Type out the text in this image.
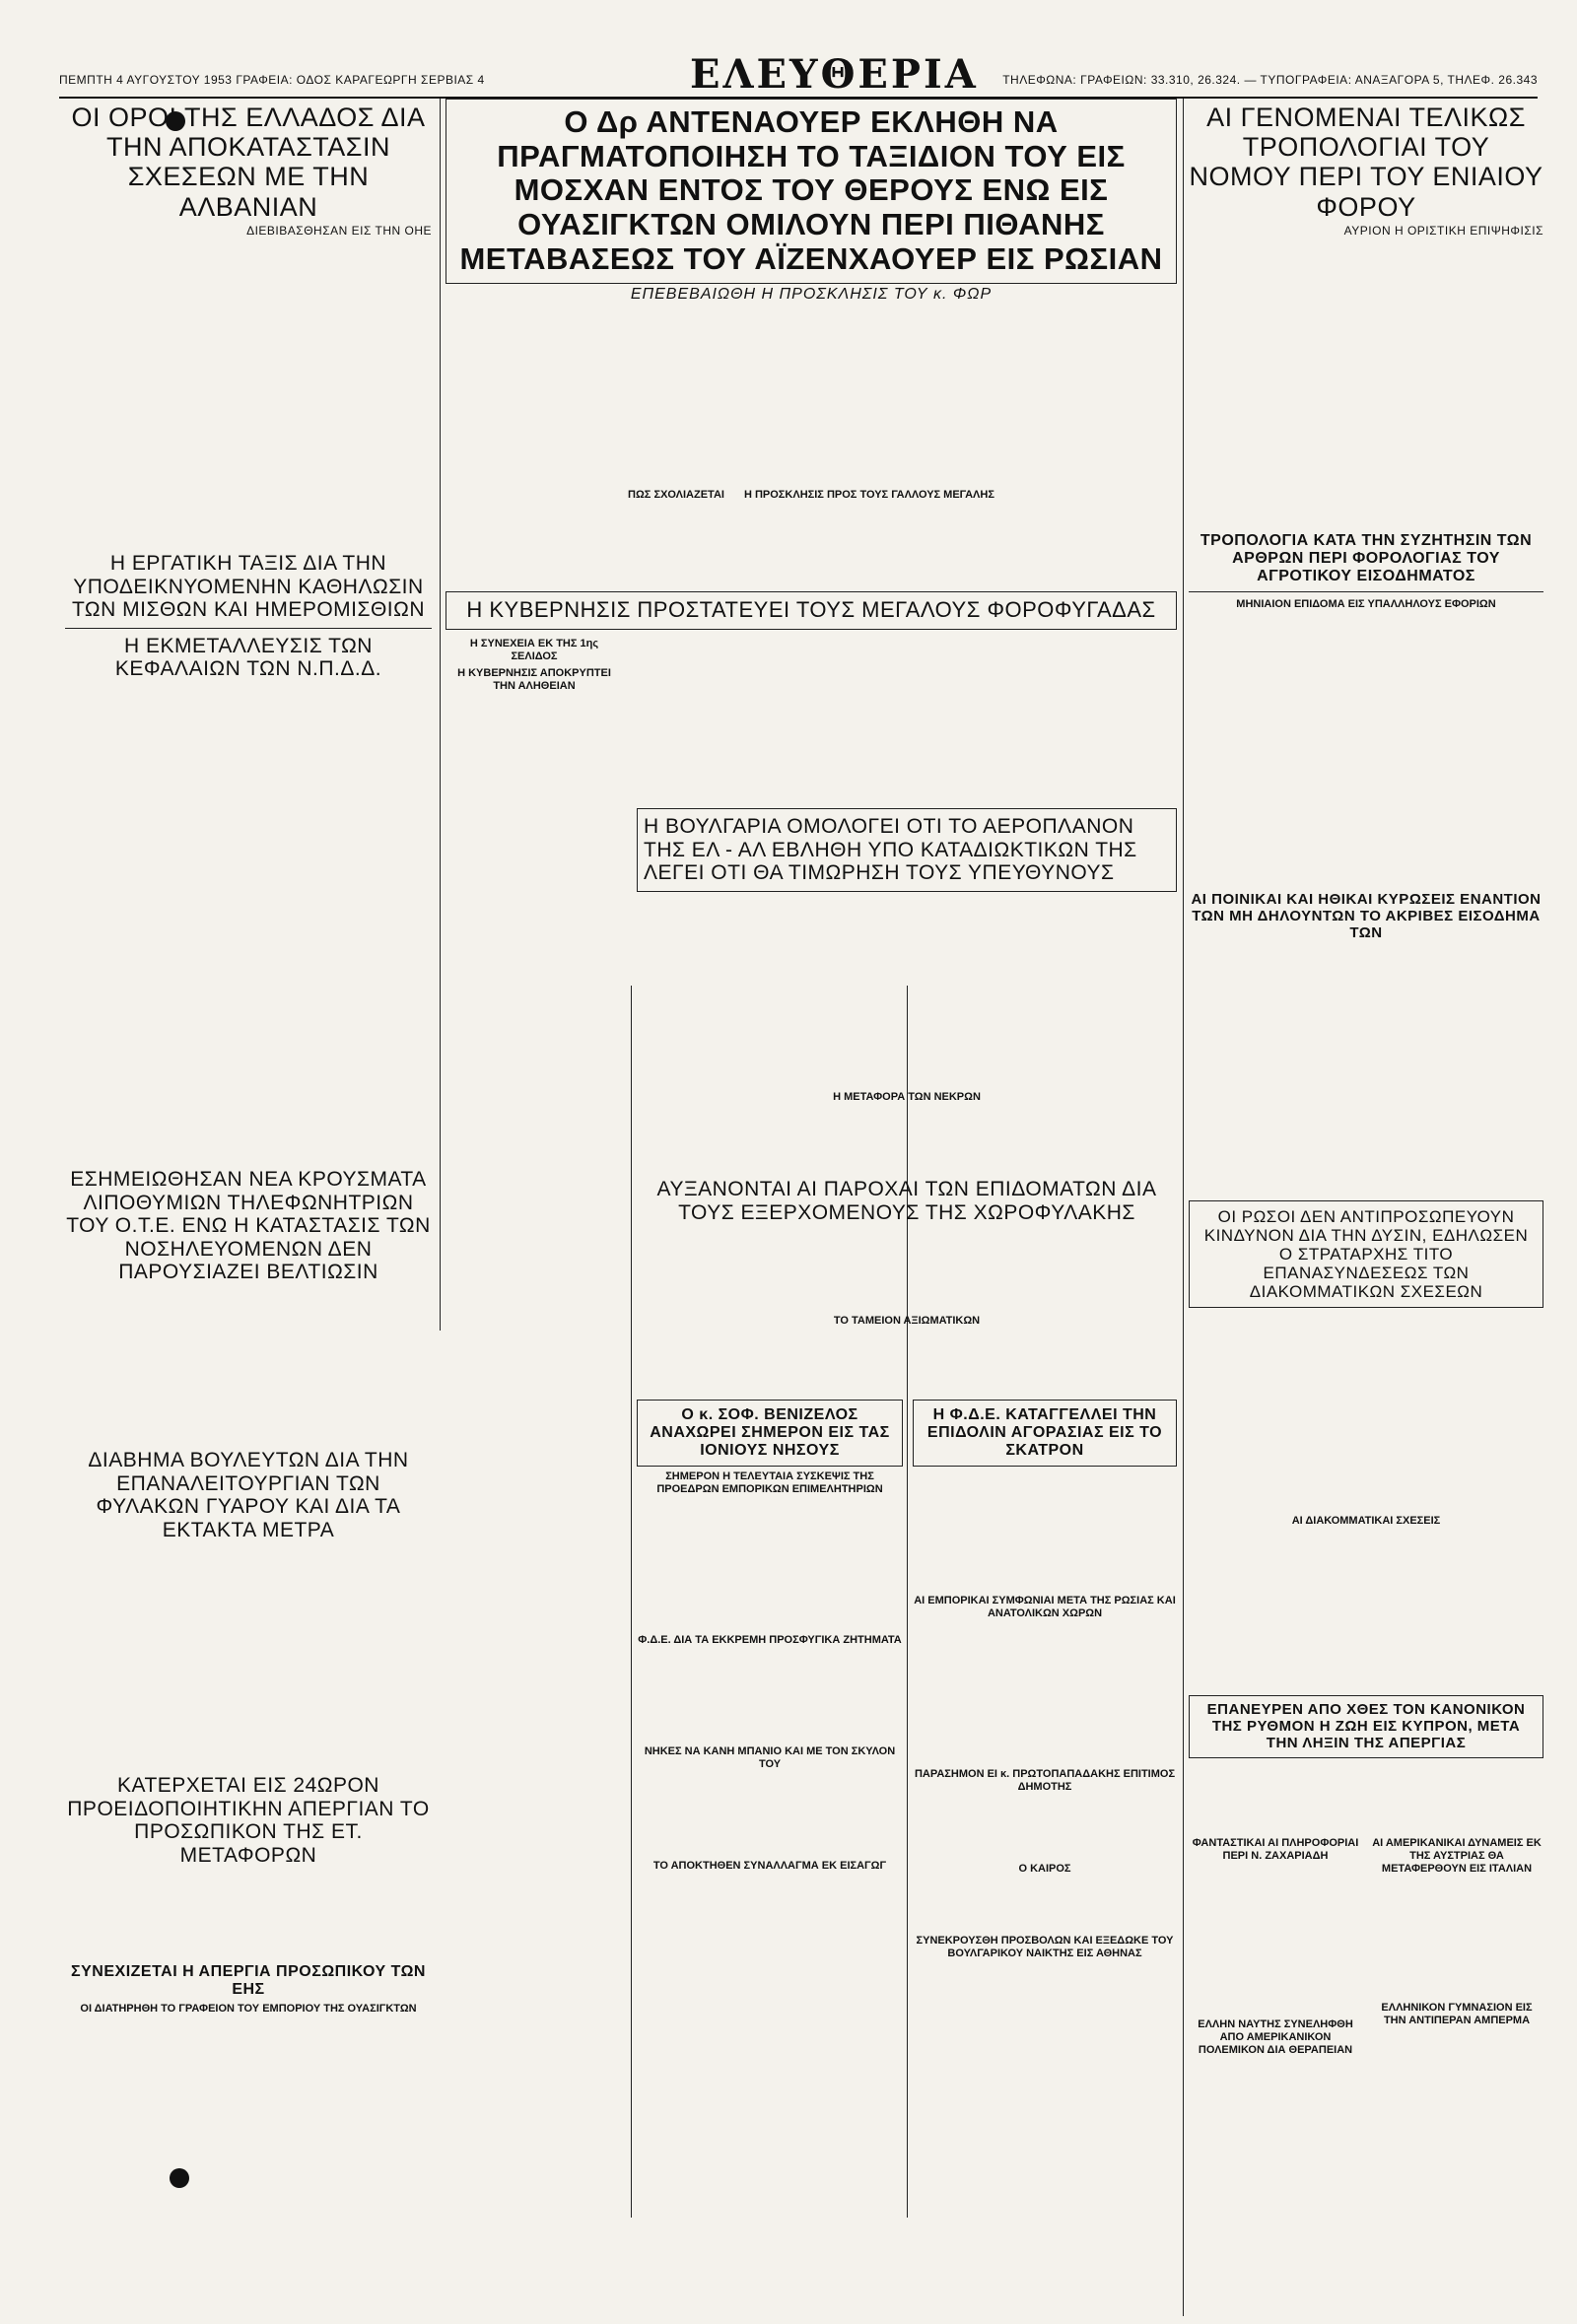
ΠΕΜΠΤΗ 4 ΑΥΓΟΥΣΤΟΥ 1953 ΓΡΑΦΕΙΑ: ΟΔΟΣ ΚΑΡΑΓΕΩΡΓΗ ΣΕΡΒΙΑΣ 4	ΕΛΕΥΘΕΡΙΑ ΤΗΛΕΦΩΝΑ: ΓΡΑΦΕΙΩΝ: 33.310, 26.324. — ΤΥΠΟΓΡΑΦΕΙΑ: ΑΝΑΞΑΓΟΡΑ 5, ΤΗΛΕΦ. 26.343
ΟΙ ΟΡΟΙ ΤΗΣ ΕΛΛΑΔΟΣ ΔΙΑ ΤΗΝ ΑΠΟΚΑΤΑΣΤΑΣΙΝ ΣΧΕΣΕΩΝ ΜΕ ΤΗΝ ΑΛΒΑΝΙΑΝ
ΔΙΕΒΙΒΑΣΘΗΣΑΝ ΕΙΣ ΤΗΝ ΟΗΕ
Η ΕΡΓΑΤΙΚΗ ΤΑΞΙΣ ΔΙΑ ΤΗΝ ΥΠΟΔΕΙΚΝΥΟΜΕΝΗΝ ΚΑΘΗΛΩΣΙΝ ΤΩΝ ΜΙΣΘΩΝ ΚΑΙ ΗΜΕΡΟΜΙΣΘΙΩΝ
Η ΕΚΜΕΤΑΛΛΕΥΣΙΣ ΤΩΝ ΚΕΦΑΛΑΙΩΝ ΤΩΝ Ν.Π.Δ.Δ.
ΕΣΗΜΕΙΩΘΗΣΑΝ ΝΕΑ ΚΡΟΥΣΜΑΤΑ ΛΙΠΟΘΥΜΙΩΝ ΤΗΛΕΦΩΝΗΤΡΙΩΝ ΤΟΥ Ο.Τ.Ε. ΕΝΩ Η ΚΑΤΑΣΤΑΣΙΣ ΤΩΝ ΝΟΣΗΛΕΥΟΜΕΝΩΝ ΔΕΝ ΠΑΡΟΥΣΙΑΖΕΙ ΒΕΛΤΙΩΣΙΝ
ΔΙΑΒΗΜΑ ΒΟΥΛΕΥΤΩΝ ΔΙΑ ΤΗΝ ΕΠΑΝΑΛΕΙΤΟΥΡΓΙΑΝ ΤΩΝ ΦΥΛΑΚΩΝ ΓΥΑΡΟΥ ΚΑΙ ΔΙΑ ΤΑ ΕΚΤΑΚΤΑ ΜΕΤΡΑ
ΚΑΤΕΡΧΕΤΑΙ ΕΙΣ 24ΩΡΟΝ ΠΡΟΕΙΔΟΠΟΙΗΤΙΚΗΝ ΑΠΕΡΓΙΑΝ ΤΟ ΠΡΟΣΩΠΙΚΟΝ ΤΗΣ ΕΤ. ΜΕΤΑΦΟΡΩΝ
ΣΥΝΕΧΙΖΕΤΑΙ Η ΑΠΕΡΓΙΑ ΠΡΟΣΩΠΙΚΟΥ ΤΩΝ ΕΗΣ
ΟΙ ΔΙΑΤΗΡΗΘΗ ΤΟ ΓΡΑΦΕΙΟΝ ΤΟΥ ΕΜΠΟΡΙΟΥ ΤΗΣ ΟΥΑΣΙΓΚΤΩΝ
Ο Δρ ΑΝΤΕΝΑΟΥΕΡ ΕΚΛΗΘΗ ΝΑ ΠΡΑΓΜΑΤΟΠΟΙΗΣΗ ΤΟ ΤΑΞΙΔΙΟΝ ΤΟΥ ΕΙΣ ΜΟΣΧΑΝ ΕΝΤΟΣ ΤΟΥ ΘΕΡΟΥΣ ΕΝΩ ΕΙΣ ΟΥΑΣΙΓΚΤΩΝ ΟΜΙΛΟΥΝ ΠΕΡΙ ΠΙΘΑΝΗΣ ΜΕΤΑΒΑΣΕΩΣ ΤΟΥ ΑΪΖΕΝΧΑΟΥΕΡ ΕΙΣ ΡΩΣΙΑΝ
ΕΠΕΒΕΒΑΙΩΘΗ Η ΠΡΟΣΚΛΗΣΙΣ ΤΟΥ κ. ΦΩΡ
ΠΩΣ ΣΧΟΛΙΑΖΕΤΑΙ Η ΠΡΟΣΚΛΗΣΙΣ ΠΡΟΣ ΤΟΥΣ ΓΑΛΛΟΥΣ ΜΕΓΑΛΗΣ
Η ΚΥΒΕΡΝΗΣΙΣ ΠΡΟΣΤΑΤΕΥΕΙ ΤΟΥΣ ΜΕΓΑΛΟΥΣ ΦΟΡΟΦΥΓΑΔΑΣ
Η ΣΥΝΕΧΕΙΑ ΕΚ ΤΗΣ 1ης ΣΕΛΙΔΟΣ
Η ΚΥΒΕΡΝΗΣΙΣ ΑΠΟΚΡΥΠΤΕΙ ΤΗΝ ΑΛΗΘΕΙΑΝ
Η ΒΟΥΛΓΑΡΙΑ ΟΜΟΛΟΓΕΙ ΟΤΙ ΤΟ ΑΕΡΟΠΛΑΝΟΝ ΤΗΣ ΕΛ - ΑΛ ΕΒΛΗΘΗ ΥΠΟ ΚΑΤΑΔΙΩΚΤΙΚΩΝ ΤΗΣ ΛΕΓΕΙ ΟΤΙ ΘΑ ΤΙΜΩΡΗΣΗ ΤΟΥΣ ΥΠΕΥΘΥΝΟΥΣ
Η ΜΕΤΑΦΟΡΑ ΤΩΝ ΝΕΚΡΩΝ
ΑΥΞΑΝΟΝΤΑΙ ΑΙ ΠΑΡΟΧΑΙ ΤΩΝ ΕΠΙΔΟΜΑΤΩΝ ΔΙΑ ΤΟΥΣ ΕΞΕΡΧΟΜΕΝΟΥΣ ΤΗΣ ΧΩΡΟΦΥΛΑΚΗΣ
ΤΟ ΤΑΜΕΙΟΝ ΑΞΙΩΜΑΤΙΚΩΝ
Ο κ. ΣΟΦ. ΒΕΝΙΖΕΛΟΣ ΑΝΑΧΩΡΕΙ ΣΗΜΕΡΟΝ ΕΙΣ ΤΑΣ ΙΟΝΙΟΥΣ ΝΗΣΟΥΣ
ΣΗΜΕΡΟΝ Η ΤΕΛΕΥΤΑΙΑ ΣΥΣΚΕΨΙΣ ΤΗΣ ΠΡΟΕΔΡΩΝ ΕΜΠΟΡΙΚΩΝ ΕΠΙΜΕΛΗΤΗΡΙΩΝ
Φ.Δ.Ε. ΔΙΑ ΤΑ ΕΚΚΡΕΜΗ ΠΡΟΣΦΥΓΙΚΑ ΖΗΤΗΜΑΤΑ
ΝΗΚΕΣ ΝΑ ΚΑΝΗ ΜΠΑΝΙΟ ΚΑΙ ΜΕ ΤΟΝ ΣΚΥΛΟΝ ΤΟΥ
ΤΟ ΑΠΟΚΤΗΘΕΝ ΣΥΝΑΛΛΑΓΜΑ ΕΚ ΕΙΣΑΓΩΓ
Η Φ.Δ.Ε. ΚΑΤΑΓΓΕΛΛΕΙ ΤΗΝ ΕΠΙΔΟΛΙΝ ΑΓΟΡΑΣΙΑΣ ΕΙΣ ΤΟ ΣΚΑΤΡΟΝ
ΑΙ ΕΜΠΟΡΙΚΑΙ ΣΥΜΦΩΝΙΑΙ ΜΕΤΑ ΤΗΣ ΡΩΣΙΑΣ ΚΑΙ ΑΝΑΤΟΛΙΚΩΝ ΧΩΡΩΝ
ΠΑΡΑΣΗΜΟΝ ΕΙ κ. ΠΡΩΤΟΠΑΠΑΔΑΚΗΣ ΕΠΙΤΙΜΟΣ ΔΗΜΟΤΗΣ
Ο ΚΑΙΡΟΣ
ΣΥΝΕΚΡΟΥΣΘΗ ΠΡΟΣΒΟΛΩΝ ΚΑΙ ΕΞΕΔΩΚΕ ΤΟΥ ΒΟΥΛΓΑΡΙΚΟΥ ΝΑΙΚΤΗΣ ΕΙΣ ΑΘΗΝΑΣ
ΑΙ ΓΕΝΟΜΕΝΑΙ ΤΕΛΙΚΩΣ ΤΡΟΠΟΛΟΓΙΑΙ ΤΟΥ ΝΟΜΟΥ ΠΕΡΙ ΤΟΥ ΕΝΙΑΙΟΥ ΦΟΡΟΥ
ΑΥΡΙΟΝ Η ΟΡΙΣΤΙΚΗ ΕΠΙΨΗΦΙΣΙΣ
ΤΡΟΠΟΛΟΓΙΑ ΚΑΤΑ ΤΗΝ ΣΥΖΗΤΗΣΙΝ ΤΩΝ ΑΡΘΡΩΝ ΠΕΡΙ ΦΟΡΟΛΟΓΙΑΣ ΤΟΥ ΑΓΡΟΤΙΚΟΥ ΕΙΣΟΔΗΜΑΤΟΣ
ΜΗΝΙΑΙΟΝ ΕΠΙΔΟΜΑ ΕΙΣ ΥΠΑΛΛΗΛΟΥΣ ΕΦΟΡΙΩΝ
ΑΙ ΠΟΙΝΙΚΑΙ ΚΑΙ ΗΘΙΚΑΙ ΚΥΡΩΣΕΙΣ ΕΝΑΝΤΙΟΝ ΤΩΝ ΜΗ ΔΗΛΟΥΝΤΩΝ ΤΟ ΑΚΡΙΒΕΣ ΕΙΣΟΔΗΜΑ ΤΩΝ
ΟΙ ΡΩΣΟΙ ΔΕΝ ΑΝΤΙΠΡΟΣΩΠΕΥΟΥΝ ΚΙΝΔΥΝΟΝ ΔΙΑ ΤΗΝ ΔΥΣΙΝ, ΕΔΗΛΩΣΕΝ Ο ΣΤΡΑΤΑΡΧΗΣ ΤΙΤΟ ΕΠΑΝΑΣΥΝΔΕΣΕΩΣ ΤΩΝ ΔΙΑΚΟΜΜΑΤΙΚΩΝ ΣΧΕΣΕΩΝ
ΑΙ ΔΙΑΚΟΜΜΑΤΙΚΑΙ ΣΧΕΣΕΙΣ
ΕΠΑΝΕΥΡΕΝ ΑΠΟ ΧΘΕΣ ΤΟΝ ΚΑΝΟΝΙΚΟΝ ΤΗΣ ΡΥΘΜΟΝ Η ΖΩΗ ΕΙΣ ΚΥΠΡΟΝ, ΜΕΤΑ ΤΗΝ ΛΗΞΙΝ ΤΗΣ ΑΠΕΡΓΙΑΣ
ΦΑΝΤΑΣΤΙΚΑΙ ΑΙ ΠΛΗΡΟΦΟΡΙΑΙ ΠΕΡΙ Ν. ΖΑΧΑΡΙΑΔΗ
ΕΛΛΗΝ ΝΑΥΤΗΣ ΣΥΝΕΛΗΦΘΗ ΑΠΟ ΑΜΕΡΙΚΑΝΙΚΟΝ ΠΟΛΕΜΙΚΟΝ ΔΙΑ ΘΕΡΑΠΕΙΑΝ
ΑΙ ΑΜΕΡΙΚΑΝΙΚΑΙ ΔΥΝΑΜΕΙΣ ΕΚ ΤΗΣ ΑΥΣΤΡΙΑΣ ΘΑ ΜΕΤΑΦΕΡΘΟΥΝ ΕΙΣ ΙΤΑΛΙΑΝ
ΕΛΛΗΝΙΚΟΝ ΓΥΜΝΑΣΙΟΝ ΕΙΣ ΤΗΝ ΑΝΤΙΠΕΡΑΝ ΑΜΠΕΡΜΑ
